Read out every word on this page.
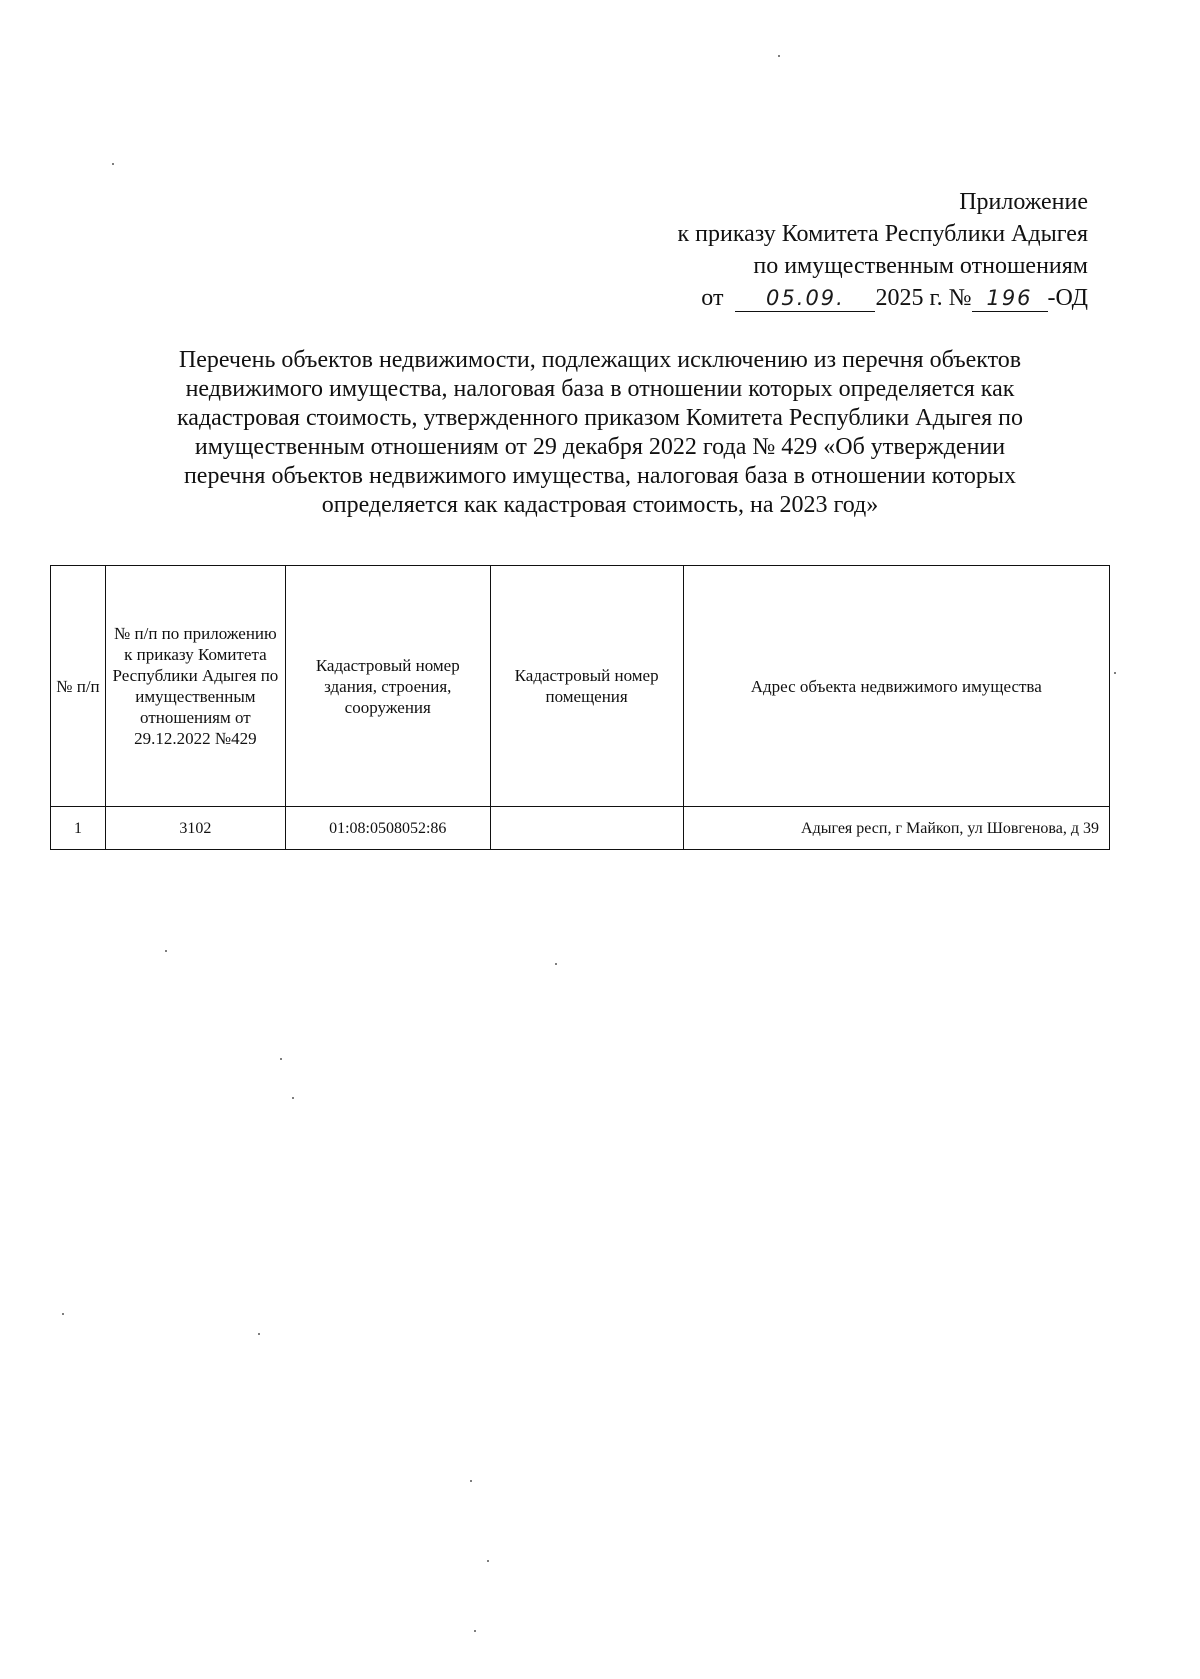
Приложение
к приказу Комитета Республики Адыгея
по имущественным отношениям
от 05.09. 2025 г. № 196 -ОД
Перечень объектов недвижимости, подлежащих исключению из перечня объектов
недвижимого имущества, налоговая база в отношении которых определяется как
кадастровая стоимость, утвержденного приказом Комитета Республики Адыгея по
имущественным отношениям от 29 декабря 2022 года № 429 «Об утверждении
перечня объектов недвижимого имущества, налоговая база в отношении которых
определяется как кадастровая стоимость, на 2023 год»
№ п/п	№ п/п по приложению к приказу Комитета Республики Адыгея по имущественным отношениям от 29.12.2022 №429	Кадастровый номер здания, строения, сооружения	Кадастровый номер помещения	Адрес объекта недвижимого имущества
1	3102	01:08:0508052:86		Адыгея респ, г Майкоп, ул Шовгенова, д 39
